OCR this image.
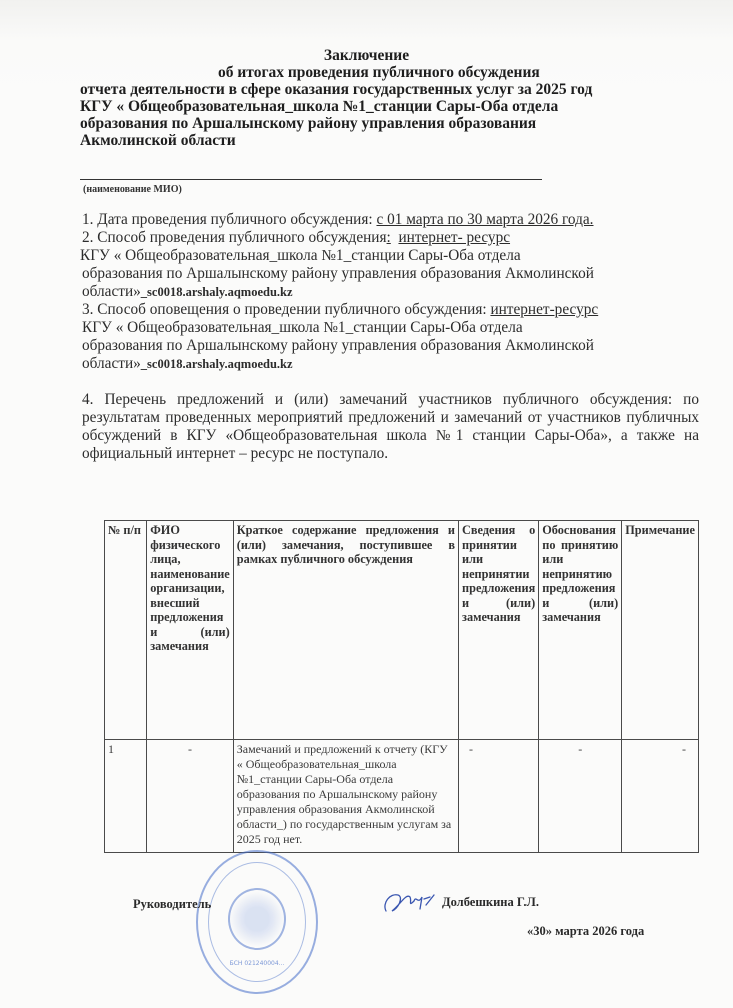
Заключение
об итогах проведения публичного обсуждения
отчета деятельности в сфере оказания государственных услуг за 2025 год
КГУ « Общеобразовательная_школа №1_станции Сары-Оба отдела
образования по Аршалынскому району управления образования
Акмолинской области
(наименование МИО)
1. Дата проведения публичного обсуждения: с 01 марта по 30 марта 2026 года.
2. Способ проведения публичного обсуждения: интернет- ресурс
КГУ « Общеобразовательная_школа №1_станции Сары-Оба отдела
образования по Аршалынскому району управления образования Акмолинской
области»_sc0018.arshaly.aqmoedu.kz
3. Способ оповещения о проведении публичного обсуждения: интернет-ресурс
КГУ « Общеобразовательная_школа №1_станции Сары-Оба отдела
образования по Аршалынскому району управления образования Акмолинской
области»_sc0018.arshaly.aqmoedu.kz
4. Перечень предложений и (или) замечаний участников публичного обсуждения: по результатам проведенных мероприятий предложений и замечаний от участников публичных обсуждений в КГУ «Общеобразовательная школа №1 станции Сары-Оба», а также на официальный интернет – ресурс не поступало.
№ п/п	ФИО физического лица, наименование организации, внесший предложения и (или) замечания	Краткое содержание предложения и (или) замечания, поступившее в рамках публичного обсуждения	Сведения о принятии или непринятии предложения и (или) замечания	Обоснования по принятию или непринятию предложения и (или) замечания	Примечание
1	-	Замечаний и предложений к отчету (КГУ « Общеобразовательная_школа №1_станции Сары-Оба отдела образования по Аршалынскому району управления образования Акмолинской области_) по государственным услугам за 2025 год нет.	-	-	-
БСН 021240004...
Руководитель	Долбешкина Г.Л.
«30» марта 2026 года
